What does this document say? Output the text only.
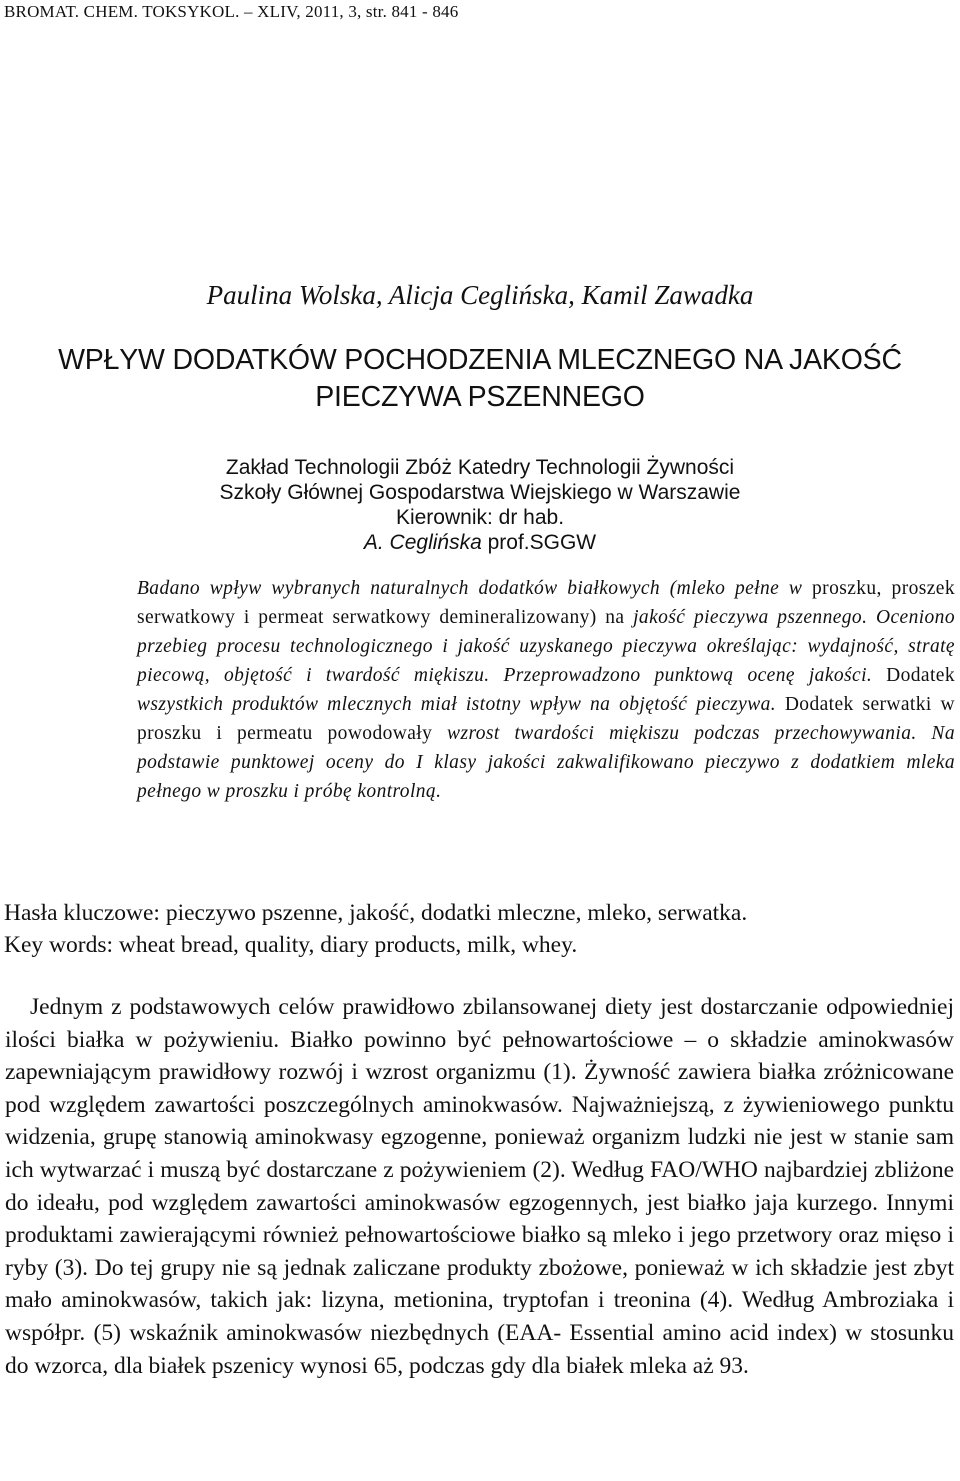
BROMAT. CHEM. TOKSYKOL. – XLIV, 2011, 3, str. 841 - 846
Paulina Wolska, Alicja Ceglińska, Kamil Zawadka
WPŁYW DODATKÓW POCHODZENIA MLECZNEGO NA JAKOŚĆ
PIECZYWA PSZENNEGO
Zakład Technologii Zbóż Katedry Technologii Żywności
Szkoły Głównej Gospodarstwa Wiejskiego w Warszawie
Kierownik: dr hab.
A. Ceglińska prof.SGGW
Badano wpływ wybranych naturalnych dodatków białkowych (mleko pełne w proszku, proszek serwatkowy i permeat serwatkowy demineralizowany) na jakość pieczywa pszennego. Oceniono przebieg procesu technologicznego i jakość uzyskanego pieczywa określając: wydajność, stratę piecową, objętość i twardość miękiszu. Przeprowadzono punktową ocenę jakości. Dodatek wszystkich produktów mlecznych miał istotny wpływ na objętość pieczywa. Dodatek serwatki w proszku i permeatu powodowały wzrost twardości miękiszu podczas przechowywania. Na podstawie punktowej oceny do I klasy jakości zakwalifikowano pieczywo z dodatkiem mleka pełnego w proszku i próbę kontrolną.
Hasła kluczowe: pieczywo pszenne, jakość, dodatki mleczne, mleko, serwatka.
Key words: wheat bread, quality, diary products, milk, whey.
Jednym z podstawowych celów prawidłowo zbilansowanej diety jest dostarczanie odpowiedniej ilości białka w pożywieniu. Białko powinno być pełnowartościowe – o składzie aminokwasów zapewniającym prawidłowy rozwój i wzrost organizmu (1). Żywność zawiera białka zróżnicowane pod względem zawartości poszczególnych aminokwasów. Najważniejszą, z żywieniowego punktu widzenia, grupę stanowią aminokwasy egzogenne, ponieważ organizm ludzki nie jest w stanie sam ich wytwarzać i muszą być dostarczane z pożywieniem (2). Według FAO/WHO najbardziej zbliżone do ideału, pod względem zawartości aminokwasów egzogennych, jest białko jaja kurzego. Innymi produktami zawierającymi również pełnowartościowe białko są mleko i jego przetwory oraz mięso i ryby (3). Do tej grupy nie są jednak zaliczane produkty zbożowe, ponieważ w ich składzie jest zbyt mało aminokwasów, takich jak: lizyna, metionina, tryptofan i treonina (4). Według Ambroziaka i współpr. (5) wskaźnik aminokwasów niezbędnych (EAA- Essential amino acid index) w stosunku do wzorca, dla białek pszenicy wynosi 65, podczas gdy dla białek mleka aż 93.
